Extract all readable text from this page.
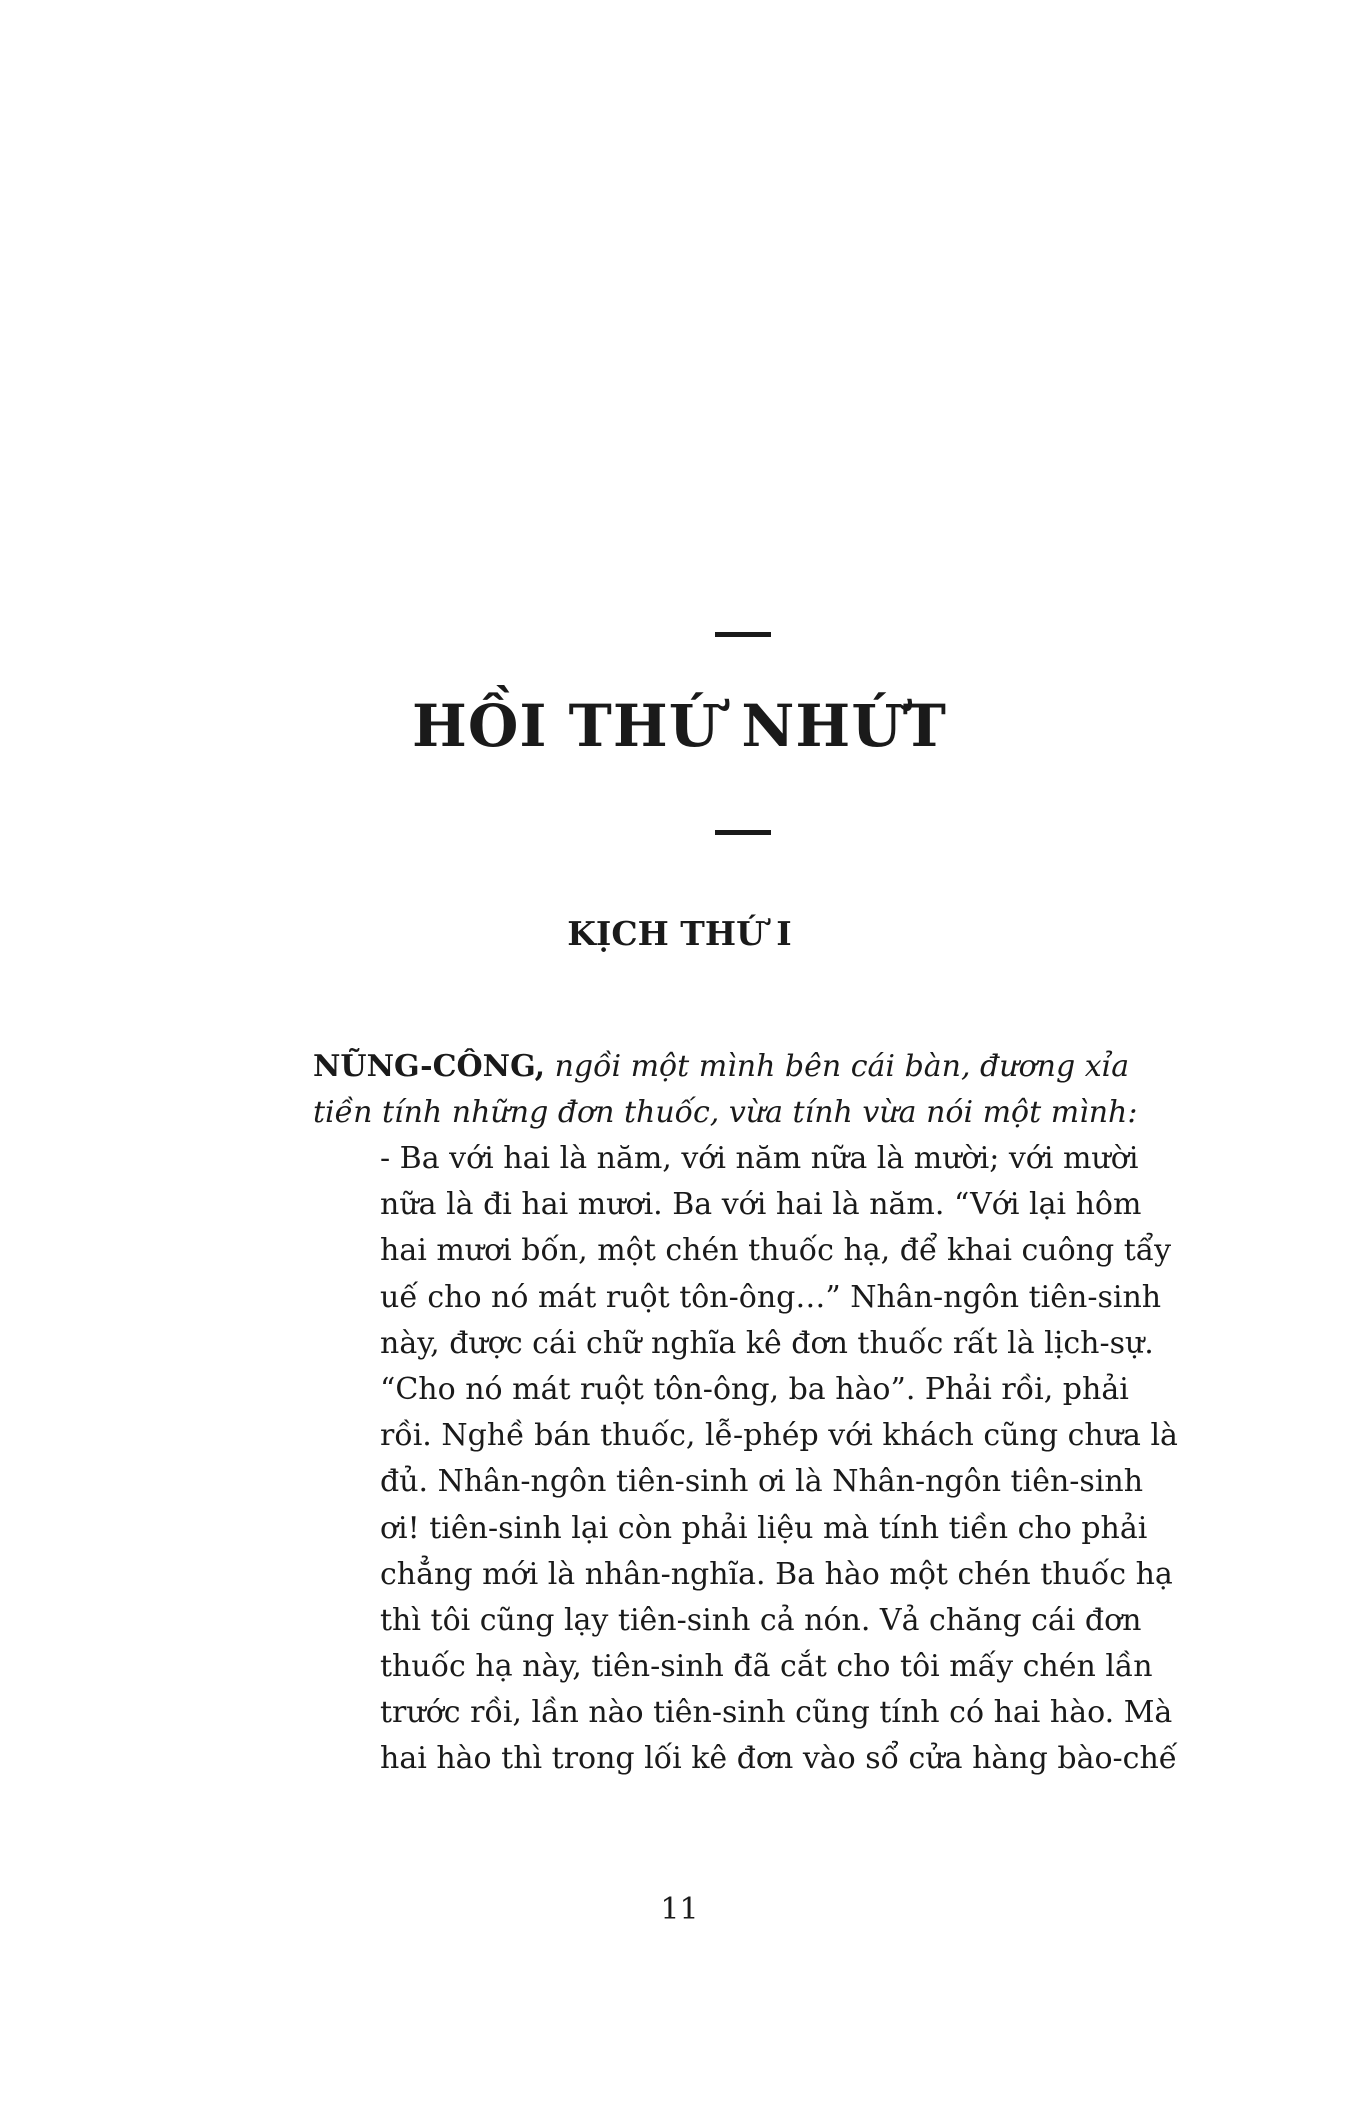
HỒI THỨ NHỨT
KỊCH THỨ I
NŨNG-CÔNG, ngồi một mình bên cái bàn, đương xỉa
tiền tính những đơn thuốc, vừa tính vừa nói một mình:
- Ba với hai là năm, với năm nữa là mười; với mười
nữa là đi hai mươi. Ba với hai là năm. “Với lại hôm
hai mươi bốn, một chén thuốc hạ, để khai cuông tẩy
uế cho nó mát ruột tôn-ông…” Nhân-ngôn tiên-sinh
này, được cái chữ nghĩa kê đơn thuốc rất là lịch-sự.
“Cho nó mát ruột tôn-ông, ba hào”. Phải rồi, phải
rồi. Nghề bán thuốc, lễ-phép với khách cũng chưa là
đủ. Nhân-ngôn tiên-sinh ơi là Nhân-ngôn tiên-sinh
ơi! tiên-sinh lại còn phải liệu mà tính tiền cho phải
chẳng mới là nhân-nghĩa. Ba hào một chén thuốc hạ
thì tôi cũng lạy tiên-sinh cả nón. Vả chăng cái đơn
thuốc hạ này, tiên-sinh đã cắt cho tôi mấy chén lần
trước rồi, lần nào tiên-sinh cũng tính có hai hào. Mà
hai hào thì trong lối kê đơn vào sổ cửa hàng bào-chế
11
